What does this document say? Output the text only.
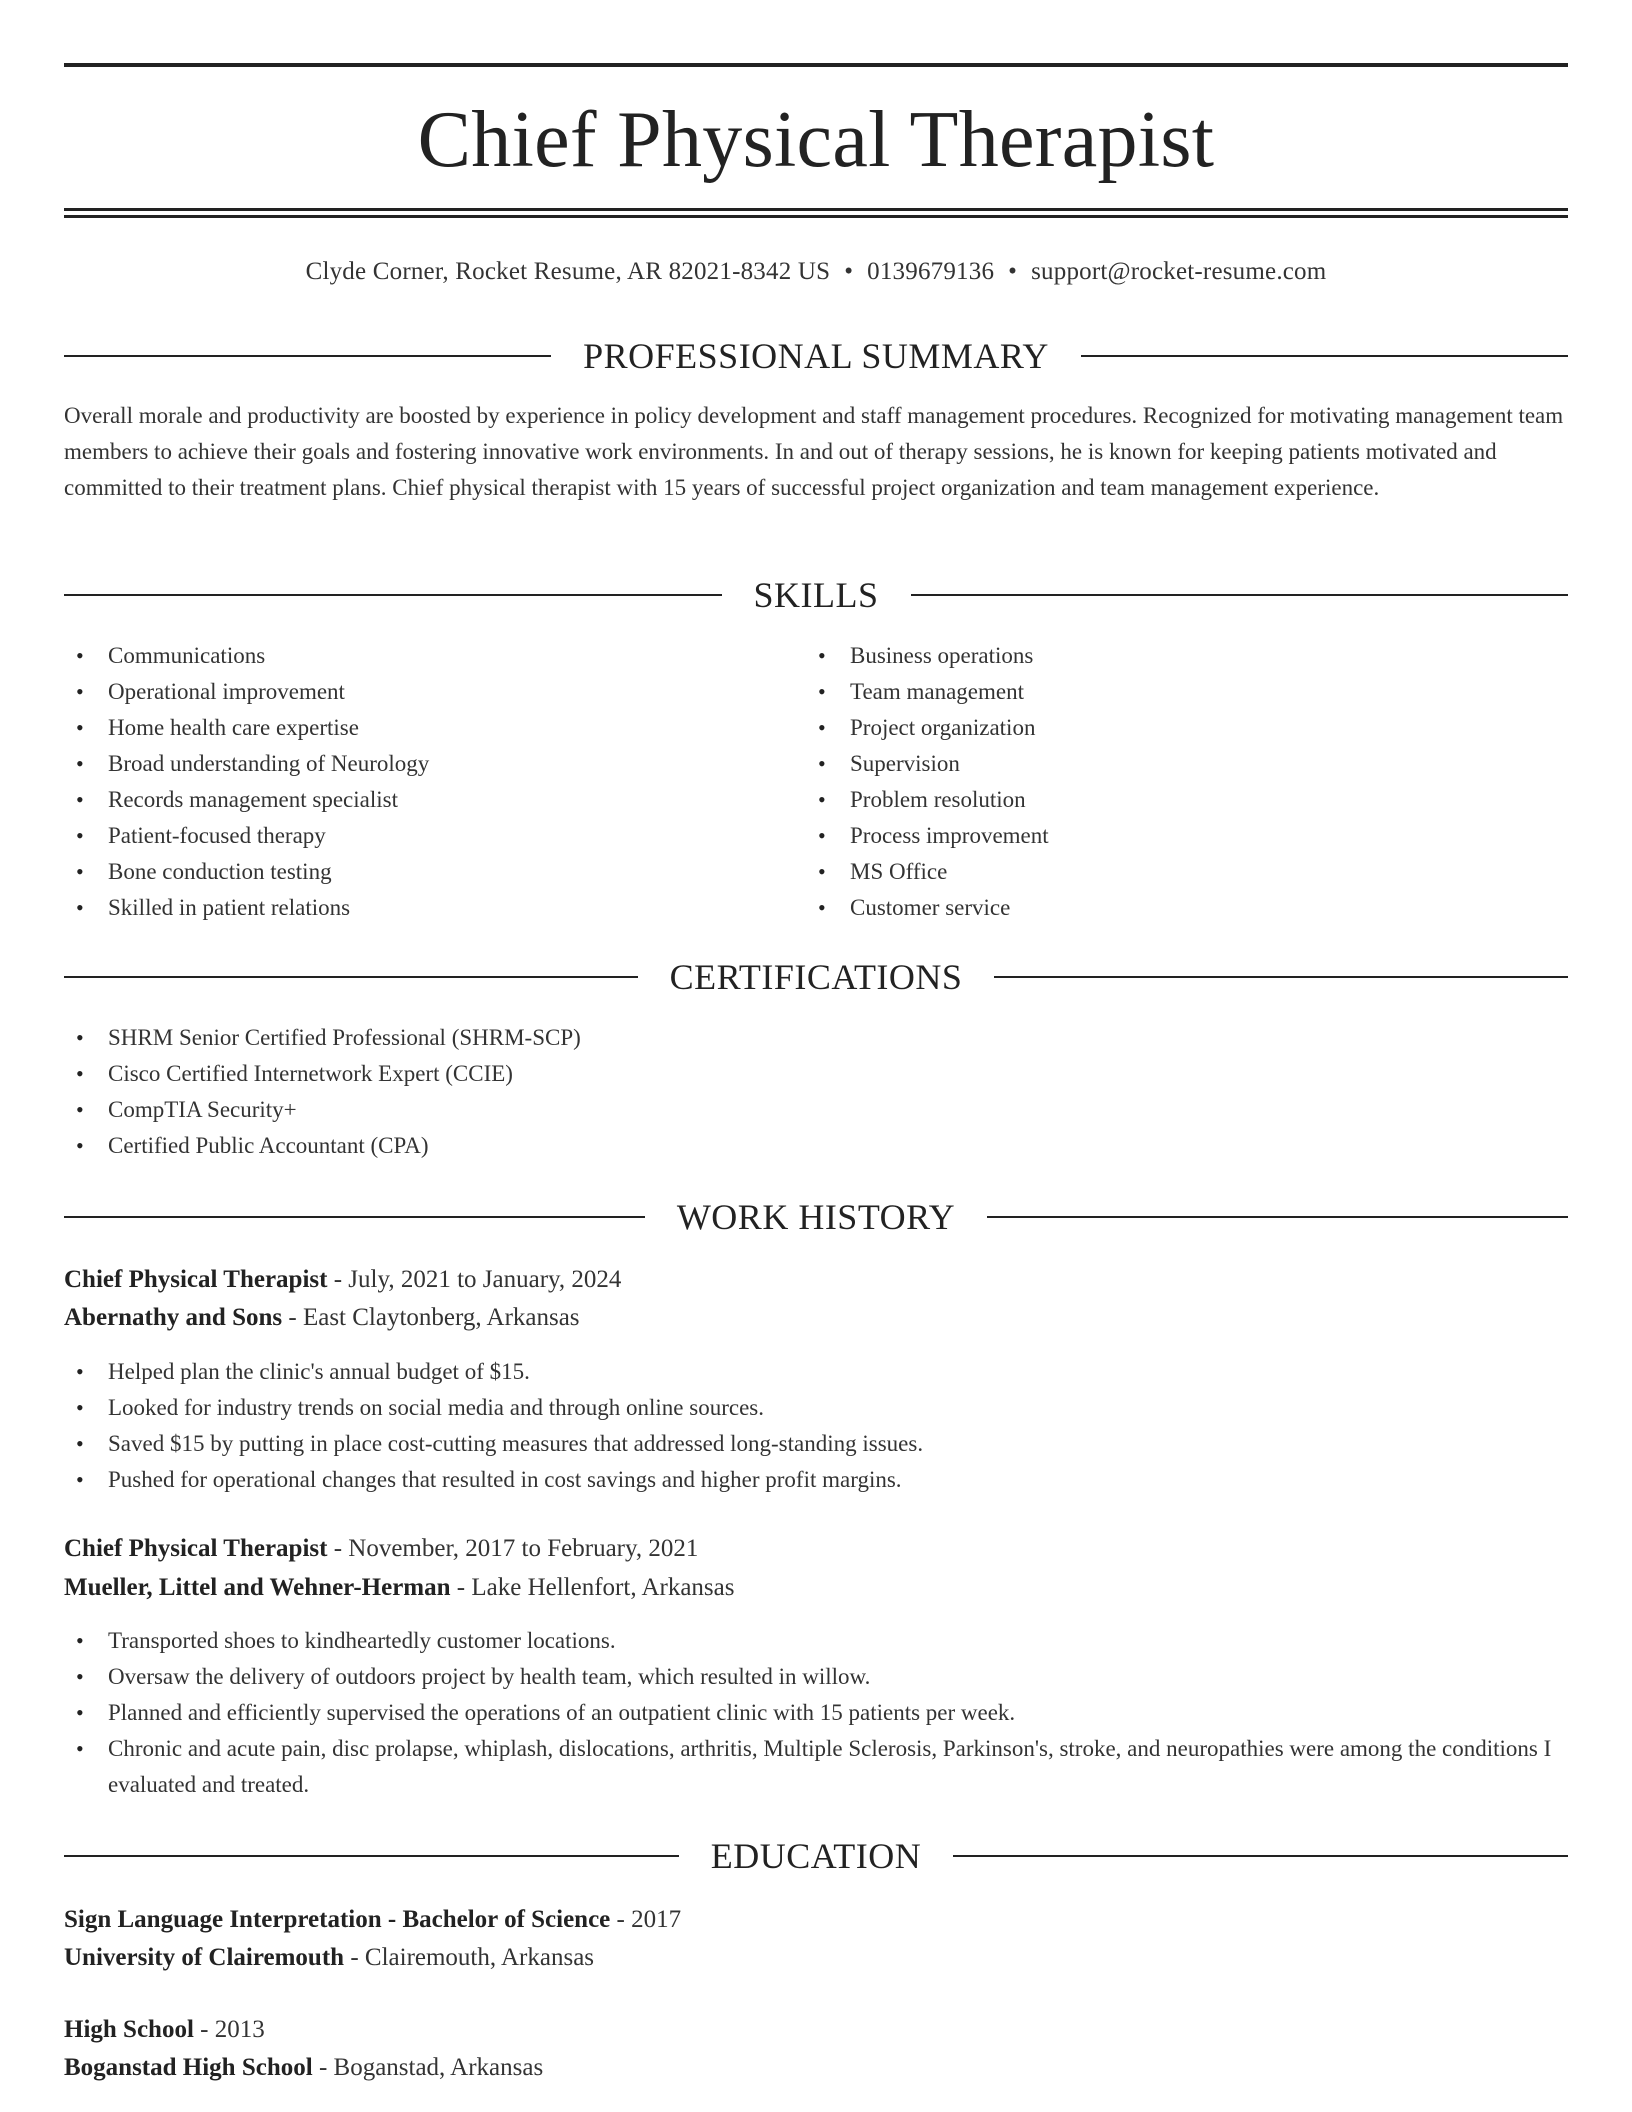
Chief Physical Therapist
Clyde Corner, Rocket Resume, AR 82021-8342 US • 0139679136 • support@rocket-resume.com
PROFESSIONAL SUMMARY

Overall morale and productivity are boosted by experience in policy development and staff management procedures. Recognized for motivating management team members to achieve their goals and fostering innovative work environments. In and out of therapy sessions, he is known for keeping patients motivated and committed to their treatment plans. Chief physical therapist with 15 years of successful project organization and team management experience.

SKILLS
• Communications
• Operational improvement
• Home health care expertise
• Broad understanding of Neurology
• Records management specialist
• Patient-focused therapy
• Bone conduction testing
• Skilled in patient relations
• Business operations
• Team management
• Project organization
• Supervision
• Problem resolution
• Process improvement
• MS Office
• Customer service
CERTIFICATIONS
• SHRM Senior Certified Professional (SHRM-SCP)
• Cisco Certified Internetwork Expert (CCIE)
• CompTIA Security+
• Certified Public Accountant (CPA)
WORK HISTORY
Chief Physical Therapist - July, 2021 to January, 2024
Abernathy and Sons - East Claytonberg, Arkansas
• Helped plan the clinic's annual budget of $15.
• Looked for industry trends on social media and through online sources.
• Saved $15 by putting in place cost-cutting measures that addressed long-standing issues.
• Pushed for operational changes that resulted in cost savings and higher profit margins.
Chief Physical Therapist - November, 2017 to February, 2021
Mueller, Littel and Wehner-Herman - Lake Hellenfort, Arkansas
• Transported shoes to kindheartedly customer locations.
• Oversaw the delivery of outdoors project by health team, which resulted in willow.
• Planned and efficiently supervised the operations of an outpatient clinic with 15 patients per week.
• Chronic and acute pain, disc prolapse, whiplash, dislocations, arthritis, Multiple Sclerosis, Parkinson's, stroke, and neuropathies were among the conditions I evaluated and treated.
EDUCATION
Sign Language Interpretation - Bachelor of Science - 2017
University of Clairemouth - Clairemouth, Arkansas
High School - 2013
Boganstad High School - Boganstad, Arkansas
